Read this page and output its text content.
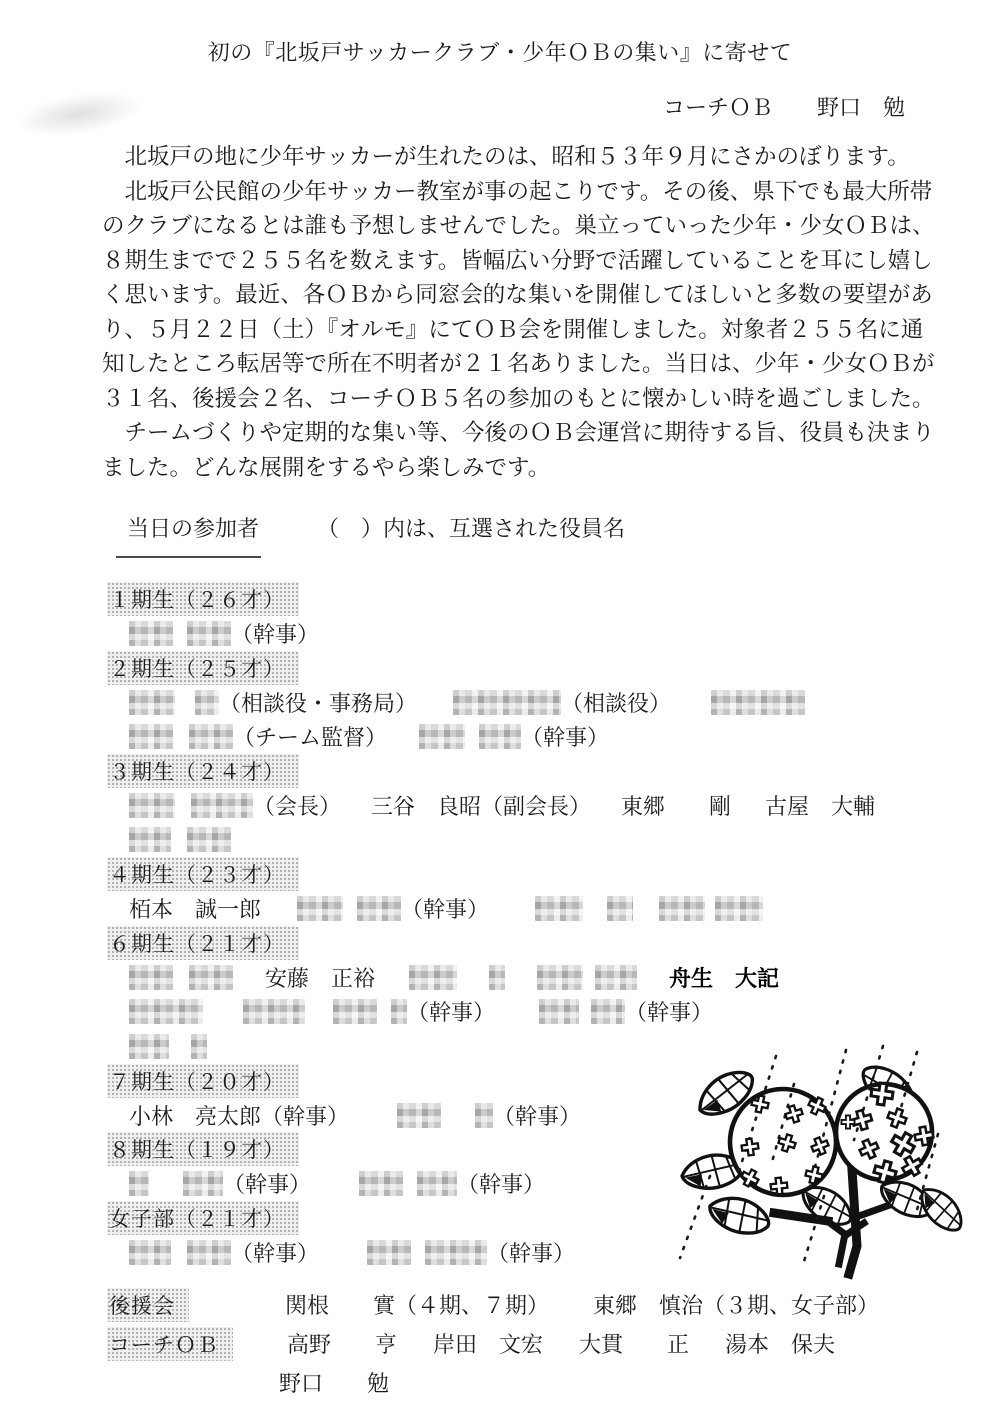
初の『北坂戸サッカークラブ・少年ＯＢの集い』に寄せて
コーチＯＢ　　野口　勉
　北坂戸の地に少年サッカーが生れたのは、昭和５３年９月にさかのぼります。
　北坂戸公民館の少年サッカー教室が事の起こりです。その後、県下でも最大所帯
のクラブになるとは誰も予想しませんでした。巣立っていった少年・少女ＯＢは、
８期生までで２５５名を数えます。皆幅広い分野で活躍していることを耳にし嬉し
く思います。最近、各ＯＢから同窓会的な集いを開催してほしいと多数の要望があ
り、５月２２日（土）『オルモ』にてＯＢ会を開催しました。対象者２５５名に通
知したところ転居等で所在不明者が２１名ありました。当日は、少年・少女ＯＢが
３１名、後援会２名、コーチＯＢ５名の参加のもとに懐かしい時を過ごしました。
　チームづくりや定期的な集い等、今後のＯＢ会運営に期待する旨、役員も決まり
ました。どんな展開をするやら楽しみです。
当日の参加者	（　）内は、互選された役員名
１期生（２６才）
（幹事）
２期生（２５才）
（相談役・事務局）	（相談役）
（チーム監督）	（幹事）
３期生（２４才）
（会長） 三谷　良昭（副会長） 東郷　　剛 古屋　大輔
４期生（２３才）
栢本　誠一郎	（幹事）
６期生（２１才）
安藤　正裕	舟生　大記
（幹事）	（幹事）
７期生（２０才）
小林　亮太郎（幹事）	（幹事）
８期生（１９才）
（幹事）	（幹事）
女子部（２１才）
（幹事）	（幹事）
後援会	関根　　實（４期、７期） 東郷　慎治（３期、女子部）
コーチＯＢ	高野　　亨 岸田　文宏 大貫　　正 湯本　保夫
野口　　勉
